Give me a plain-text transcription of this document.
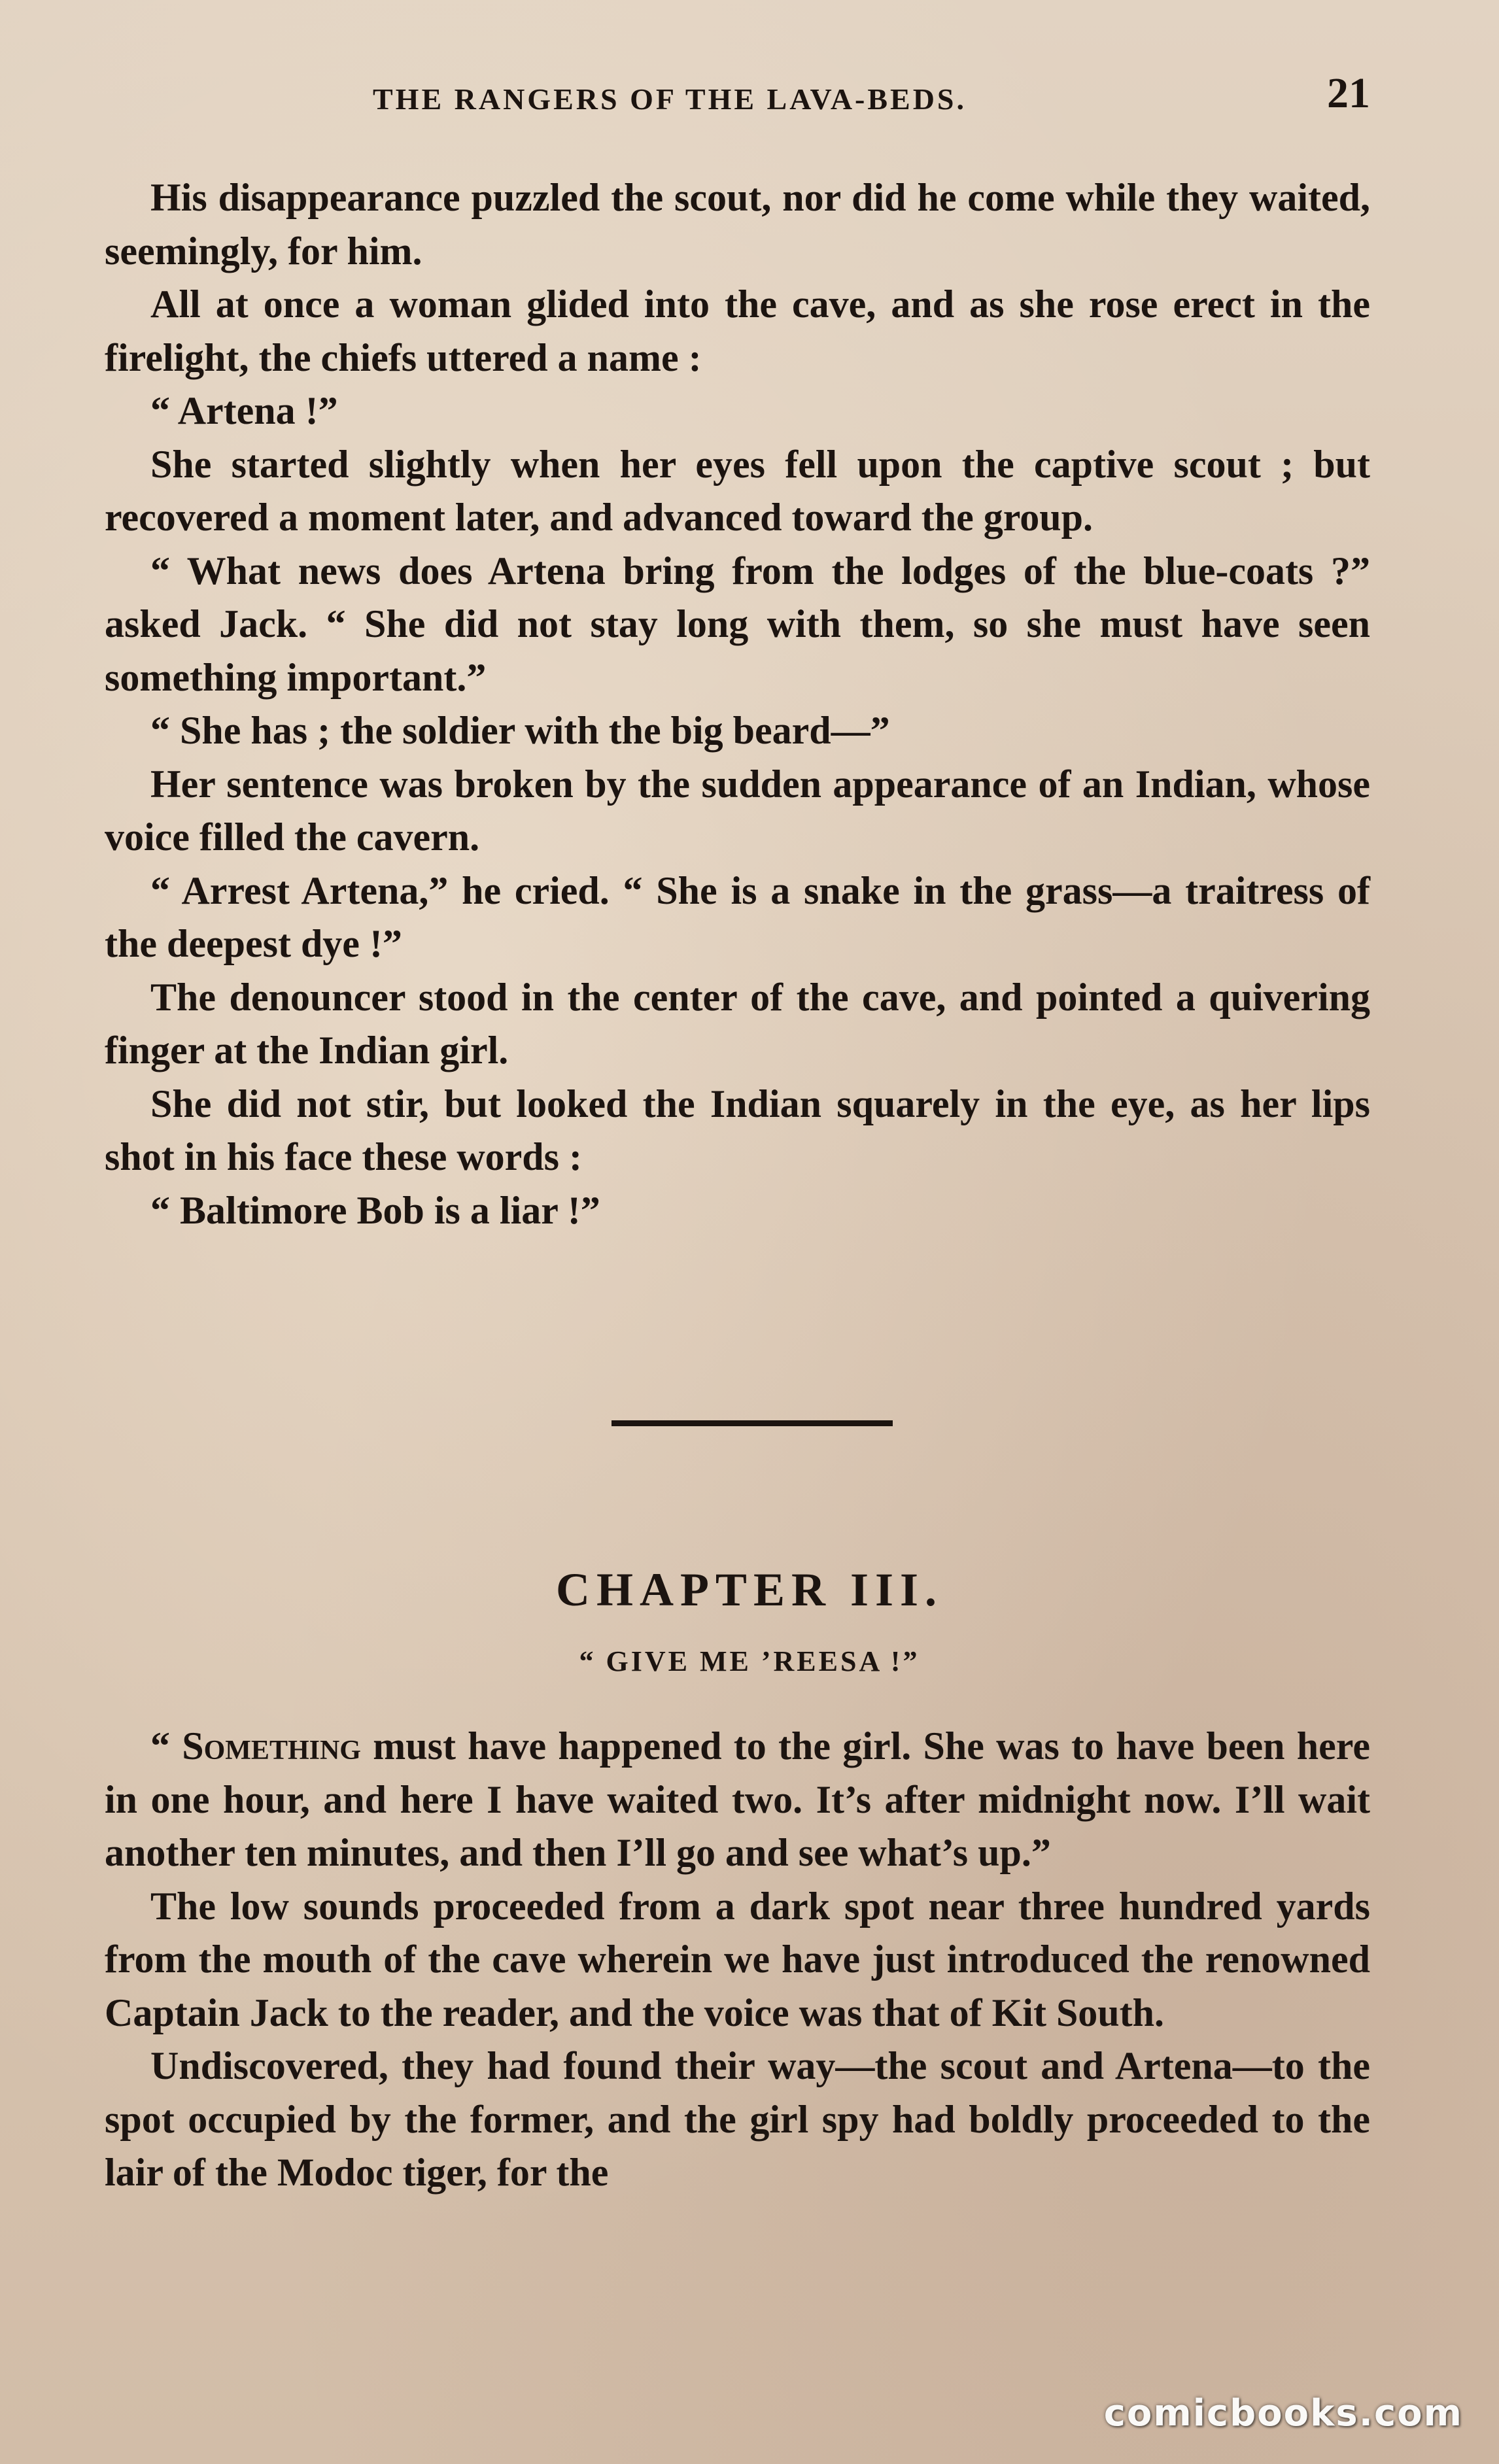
THE RANGERS OF THE LAVA-BEDS.	21

His disappearance puzzled the scout, nor did he come while they waited, seemingly, for him.

All at once a woman glided into the cave, and as she rose erect in the firelight, the chiefs uttered a name :

“ Artena !”

She started slightly when her eyes fell upon the captive scout ; but recovered a moment later, and advanced toward the group.

“ What news does Artena bring from the lodges of the blue-coats ?” asked Jack. “ She did not stay long with them, so she must have seen something important.”

“ She has ; the soldier with the big beard—”

Her sentence was broken by the sudden appearance of an Indian, whose voice filled the cavern.

“ Arrest Artena,” he cried. “ She is a snake in the grass—a traitress of the deepest dye !”

The denouncer stood in the center of the cave, and pointed a quivering finger at the Indian girl.

She did not stir, but looked the Indian squarely in the eye, as her lips shot in his face these words :

“ Baltimore Bob is a liar !”

CHAPTER III.
“ GIVE ME ’REESA !”

“ Something must have happened to the girl. She was to have been here in one hour, and here I have waited two. It’s after midnight now. I’ll wait another ten minutes, and then I’ll go and see what’s up.”

The low sounds proceeded from a dark spot near three hundred yards from the mouth of the cave wherein we have just introduced the renowned Captain Jack to the reader, and the voice was that of Kit South.

Undiscovered, they had found their way—the scout and Artena—to the spot occupied by the former, and the girl spy had boldly proceeded to the lair of the Modoc tiger, for the

comicbooks.com
